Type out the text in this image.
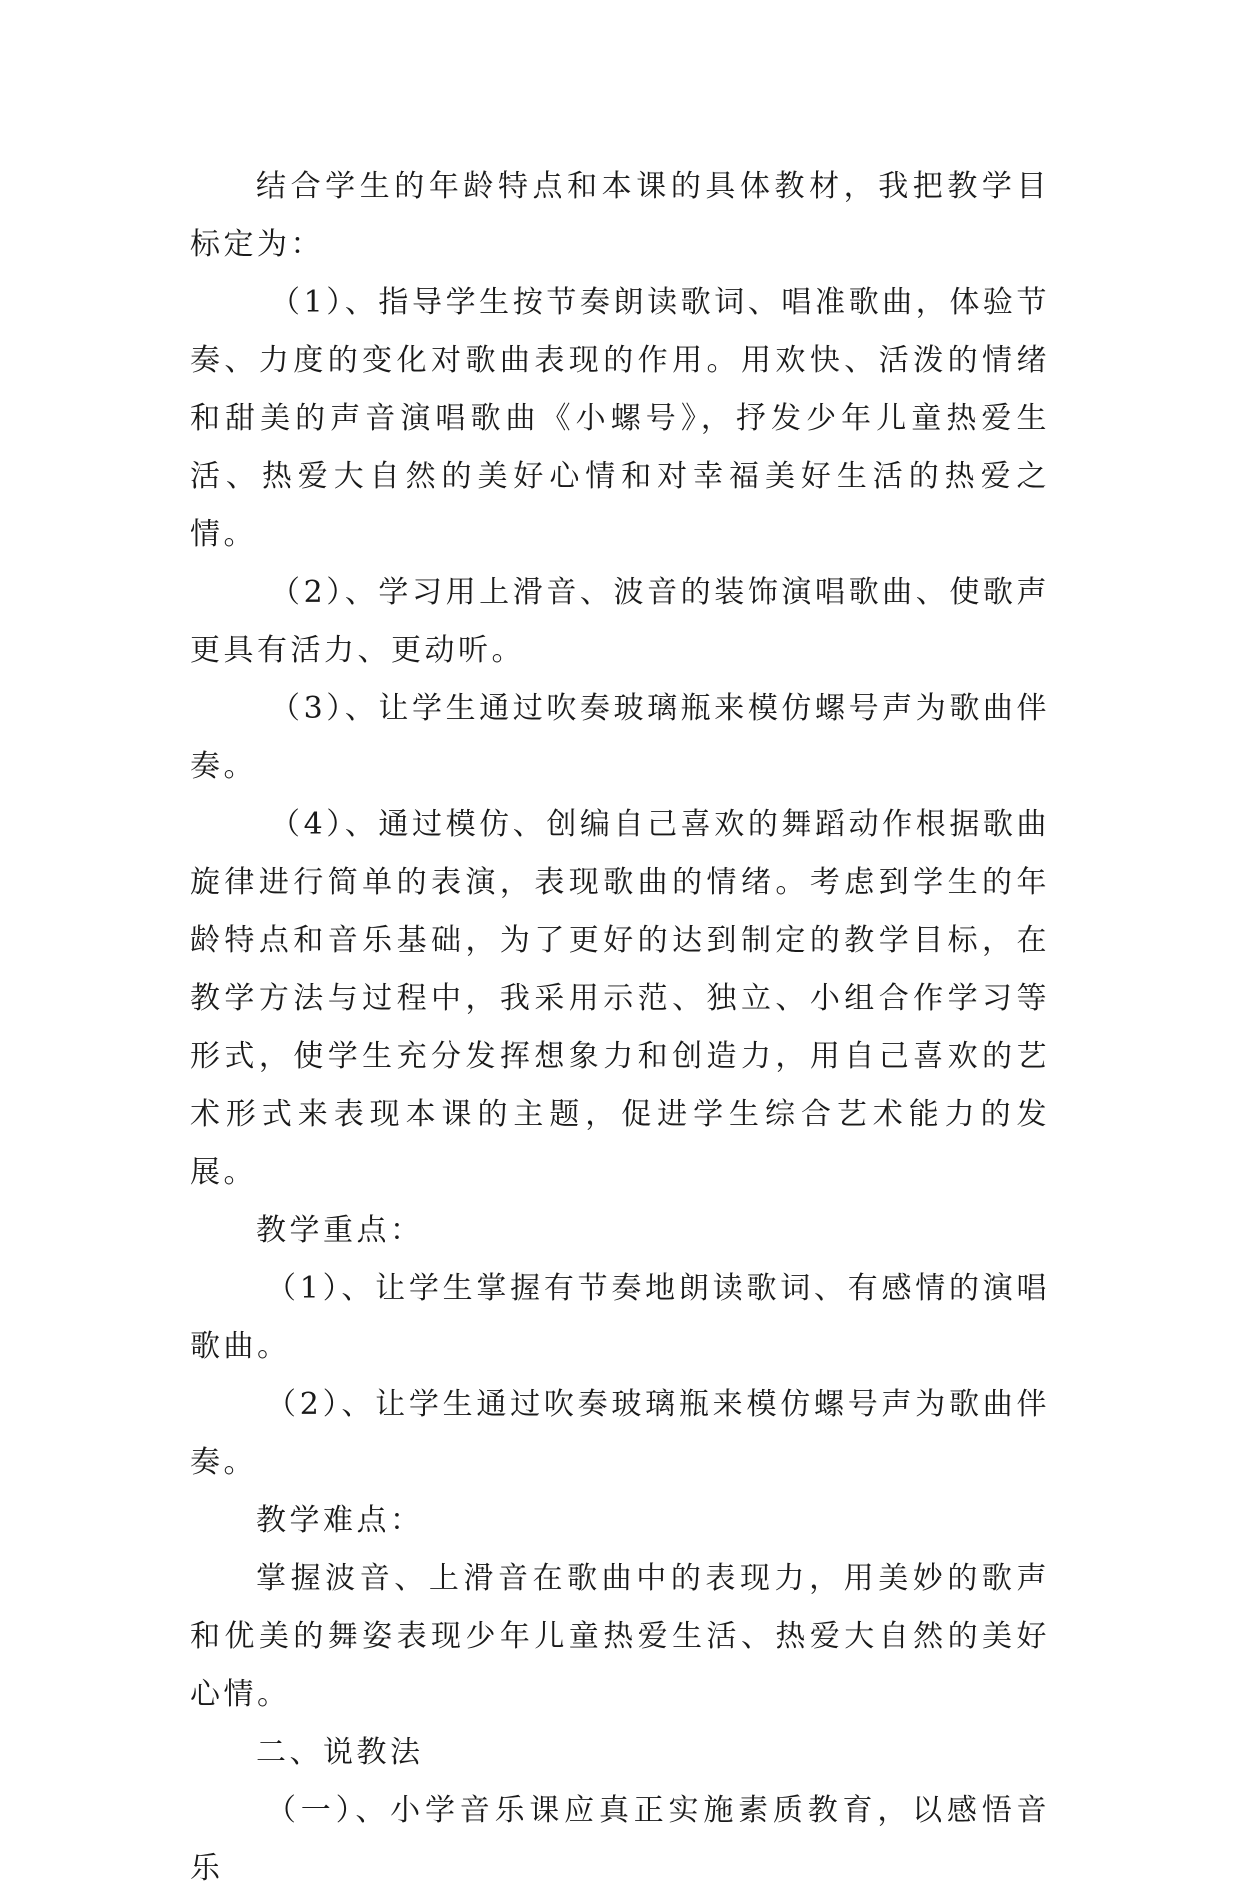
结合学生的年龄特点和本课的具体教材，我把教学目标定为：

（1）、指导学生按节奏朗读歌词、唱准歌曲，体验节奏、力度的变化对歌曲表现的作用。用欢快、活泼的情绪和甜美的声音演唱歌曲《小螺号》，抒发少年儿童热爱生活、热爱大自然的美好心情和对幸福美好生活的热爱之情。

（2）、学习用上滑音、波音的装饰演唱歌曲、使歌声更具有活力、更动听。

（3）、让学生通过吹奏玻璃瓶来模仿螺号声为歌曲伴奏。

（4）、通过模仿、创编自己喜欢的舞蹈动作根据歌曲旋律进行简单的表演，表现歌曲的情绪。考虑到学生的年龄特点和音乐基础，为了更好的达到制定的教学目标，在教学方法与过程中，我采用示范、独立、小组合作学习等形式，使学生充分发挥想象力和创造力，用自己喜欢的艺术形式来表现本课的主题，促进学生综合艺术能力的发展。

教学重点：

（1）、让学生掌握有节奏地朗读歌词、有感情的演唱歌曲。

（2）、让学生通过吹奏玻璃瓶来模仿螺号声为歌曲伴奏。

教学难点：

掌握波音、上滑音在歌曲中的表现力，用美妙的歌声和优美的舞姿表现少年儿童热爱生活、热爱大自然的美好心情。

二、说教法

（一）、小学音乐课应真正实施素质教育，以感悟音乐
